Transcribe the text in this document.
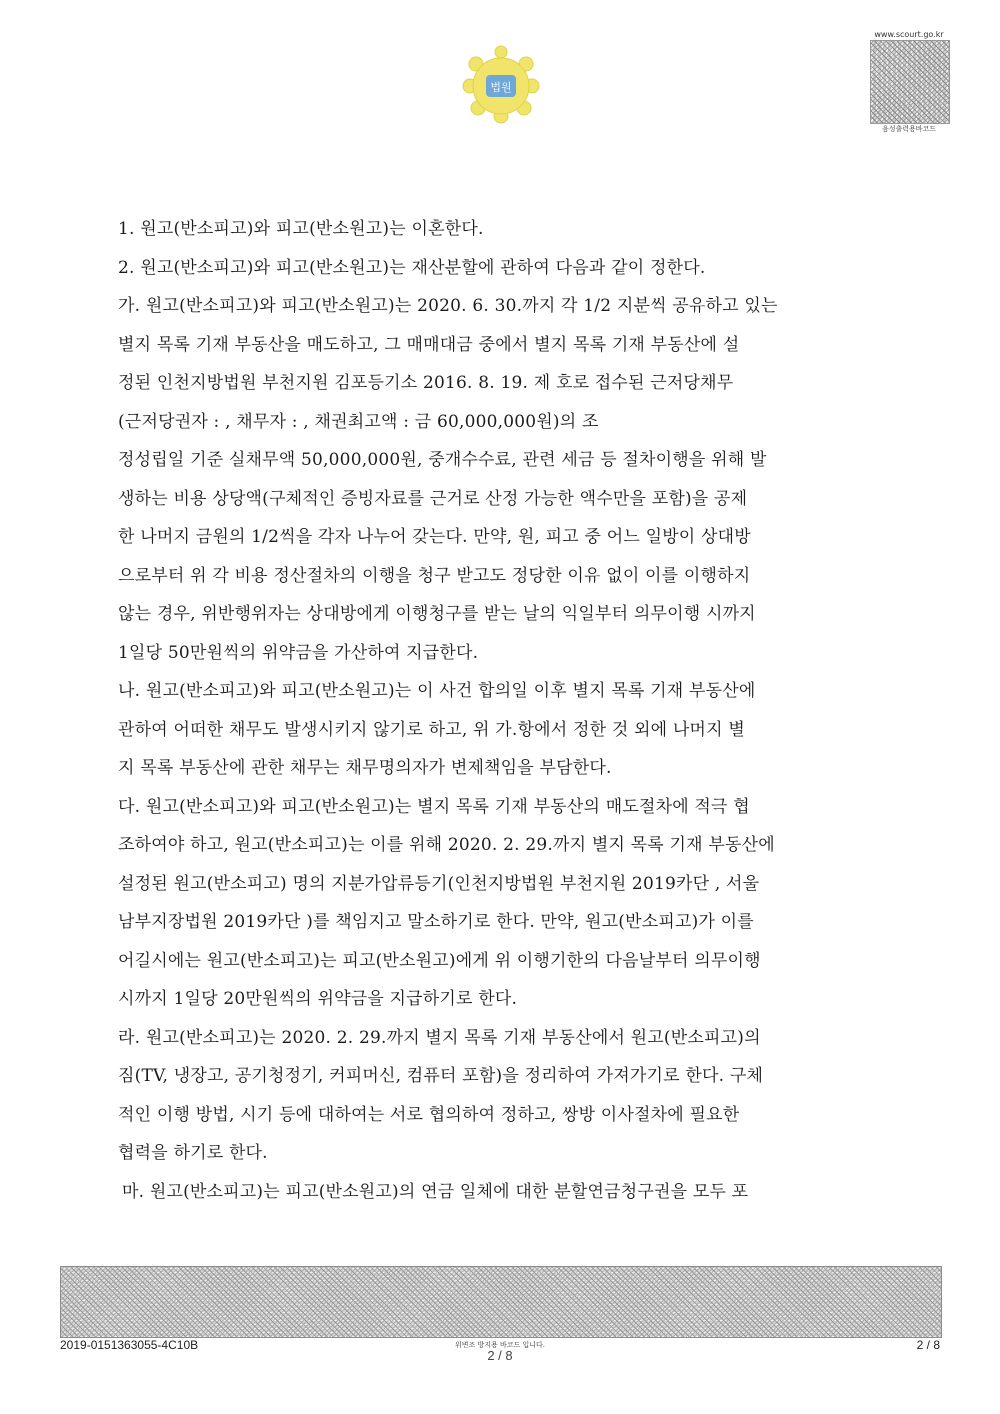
법원
www.scourt.go.kr
음성출력용바코드
1. 원고(반소피고)와 피고(반소원고)는 이혼한다.
2. 원고(반소피고)와 피고(반소원고)는 재산분할에 관하여 다음과 같이 정한다.
가. 원고(반소피고)와 피고(반소원고)는 2020. 6. 30.까지 각 1/2 지분씩 공유하고 있는
별지 목록 기재 부동산을 매도하고, 그 매매대금 중에서 별지 목록 기재 부동산에 설
정된 인천지방법원 부천지원 김포등기소 2016. 8. 19. 제 호로 접수된 근저당채무
(근저당권자 : , 채무자 : , 채권최고액 : 금 60,000,000원)의 조
정성립일 기준 실채무액 50,000,000원, 중개수수료, 관련 세금 등 절차이행을 위해 발
생하는 비용 상당액(구체적인 증빙자료를 근거로 산정 가능한 액수만을 포함)을 공제
한 나머지 금원의 1/2씩을 각자 나누어 갖는다. 만약, 원, 피고 중 어느 일방이 상대방
으로부터 위 각 비용 정산절차의 이행을 청구 받고도 정당한 이유 없이 이를 이행하지
않는 경우, 위반행위자는 상대방에게 이행청구를 받는 날의 익일부터 의무이행 시까지
1일당 50만원씩의 위약금을 가산하여 지급한다.
나. 원고(반소피고)와 피고(반소원고)는 이 사건 합의일 이후 별지 목록 기재 부동산에
관하여 어떠한 채무도 발생시키지 않기로 하고, 위 가.항에서 정한 것 외에 나머지 별
지 목록 부동산에 관한 채무는 채무명의자가 변제책임을 부담한다.
다. 원고(반소피고)와 피고(반소원고)는 별지 목록 기재 부동산의 매도절차에 적극 협
조하여야 하고, 원고(반소피고)는 이를 위해 2020. 2. 29.까지 별지 목록 기재 부동산에
설정된 원고(반소피고) 명의 지분가압류등기(인천지방법원 부천지원 2019카단 , 서울
남부지장법원 2019카단 )를 책임지고 말소하기로 한다. 만약, 원고(반소피고)가 이를
어길시에는 원고(반소피고)는 피고(반소원고)에게 위 이행기한의 다음날부터 의무이행
시까지 1일당 20만원씩의 위약금을 지급하기로 한다.
라. 원고(반소피고)는 2020. 2. 29.까지 별지 목록 기재 부동산에서 원고(반소피고)의
짐(TV, 냉장고, 공기청정기, 커피머신, 컴퓨터 포함)을 정리하여 가져가기로 한다. 구체
적인 이행 방법, 시기 등에 대하여는 서로 협의하여 정하고, 쌍방 이사절차에 필요한
협력을 하기로 한다.
마. 원고(반소피고)는 피고(반소원고)의 연금 일체에 대한 분할연금청구권을 모두 포
2019-0151363055-4C10B	위변조 방지용 바코드 입니다.
2 / 8
2 / 8
